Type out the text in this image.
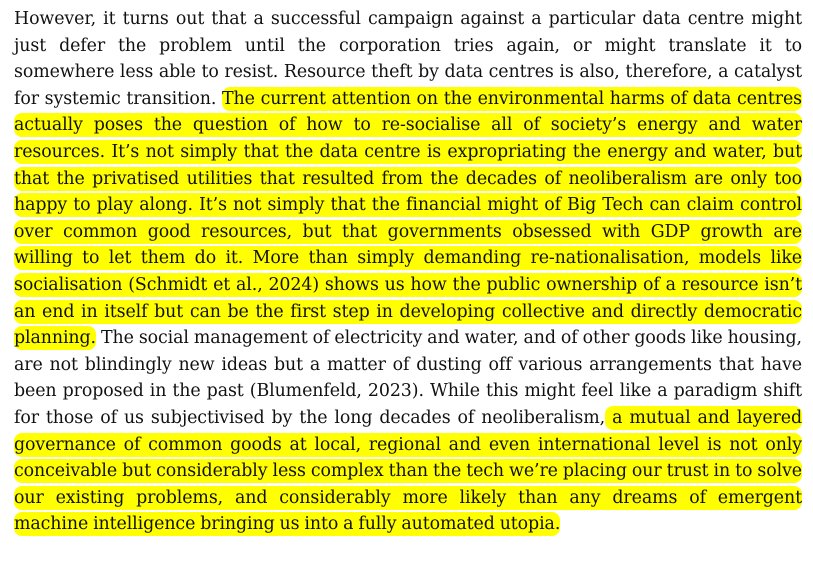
However, it turns out that a successful campaign against a particular data centre might just defer the problem until the corporation tries again, or might translate it to somewhere less able to resist. Resource theft by data centres is also, therefore, a catalyst for systemic transition. The current attention on the environmental harms of data centres actually poses the question of how to re-socialise all of society’s energy and water resources. It’s not simply that the data centre is expropriating the energy and water, but that the privatised utilities that resulted from the decades of neoliberalism are only too happy to play along. It’s not simply that the financial might of Big Tech can claim control over common good resources, but that governments obsessed with GDP growth are willing to let them do it. More than simply demanding re-nationalisation, models like socialisation (Schmidt et al., 2024) shows us how the public ownership of a resource isn’t an end in itself but can be the first step in developing collective and directly democratic planning. The social management of electricity and water, and of other goods like housing, are not blindingly new ideas but a matter of dusting off various arrangements that have been proposed in the past (Blumenfeld, 2023). While this might feel like a paradigm shift for those of us subjectivised by the long decades of neoliberalism, a mutual and layered governance of common goods at local, regional and even international level is not only conceivable but considerably less complex than the tech we’re placing our trust in to solve our existing problems, and considerably more likely than any dreams of emergent machine intelligence bringing us into a fully automated utopia.
